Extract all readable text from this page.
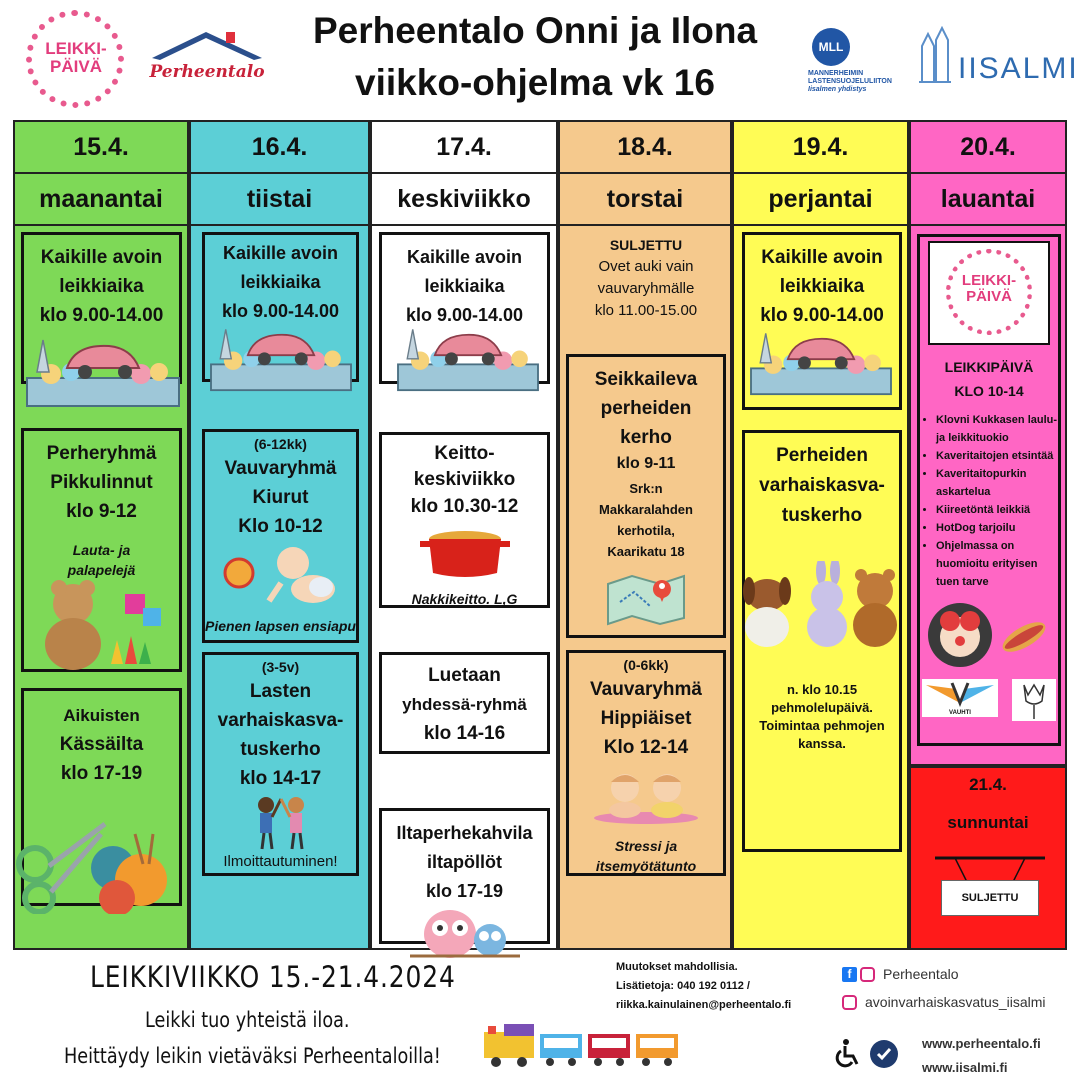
LEIKKI-
PÄIVÄ	Perheentalo
Perheentalo Onni ja Ilona
viikko-ohjelma vk 16
MLL
MANNERHEIMIN
LASTENSUOJELULIITON
Iisalmen yhdistys
IISALMI
15.4.
maanantai
Kaikille avoin
leikkiaika
klo 9.00-14.00
Perheryhmä
Pikkulinnut
klo 9-12
Lauta- ja palapelejä
Aikuisten
Kässäilta
klo 17-19
16.4.
tiistai
Kaikille avoin
leikkiaika
klo 9.00-14.00
(6-12kk)
Vauvaryhmä
Kiurut
Klo 10-12
Pienen lapsen ensiapu
(3-5v)
Lasten
varhaiskasva-
tuskerho
klo 14-17
Ilmoittautuminen!
17.4.
keskiviikko
Kaikille avoin
leikkiaika
klo 9.00-14.00
Keitto-
keskiviikko
klo 10.30-12
Nakkikeitto. L,G
Luetaan
yhdessä-ryhmä
klo 14-16
Iltaperhekahvila
iltapöllöt
klo 17-19
18.4.
torstai
SULJETTU
Ovet auki vain
vauvaryhmälle
klo 11.00-15.00
Seikkaileva
perheiden
kerho
klo 9-11
Srk:n
Makkaralahden
kerhotila,
Kaarikatu 18
(0-6kk)
Vauvaryhmä
Hippiäiset
Klo 12-14
Stressi ja itsemyötätunto
19.4.
perjantai
Kaikille avoin
leikkiaika
klo 9.00-14.00
Perheiden
varhaiskasva-
tuskerho
n. klo 10.15 pehmolelupäivä. Toimintaa pehmojen kanssa.
20.4.
lauantai
LEIKKI-
PÄIVÄ
LEIKKIPÄIVÄ
KLO 10-14
• Klovni Kukkasen laulu-ja leikkituokio
• Kaveritaitojen etsintää
• Kaveritaitopurkin askartelua
• Kiireetöntä leikkiä
• HotDog tarjoilu
• Ohjelmassa on huomioitu erityisen tuen tarve
VAUHTI
21.4.
sunnuntai
SULJETTU
LEIKKIVIIKKO 15.-21.4.2024
Leikki tuo yhteistä iloa.
Heittäydy leikin vietäväksi Perheentaloilla!
Muutokset mahdollisia.
Lisätietoja: 040 192 0112 /
riikka.kainulainen@perheentalo.fi
f	Perheentalo
avoinvarhaiskasvatus_iisalmi
www.perheentalo.fi
www.iisalmi.fi
